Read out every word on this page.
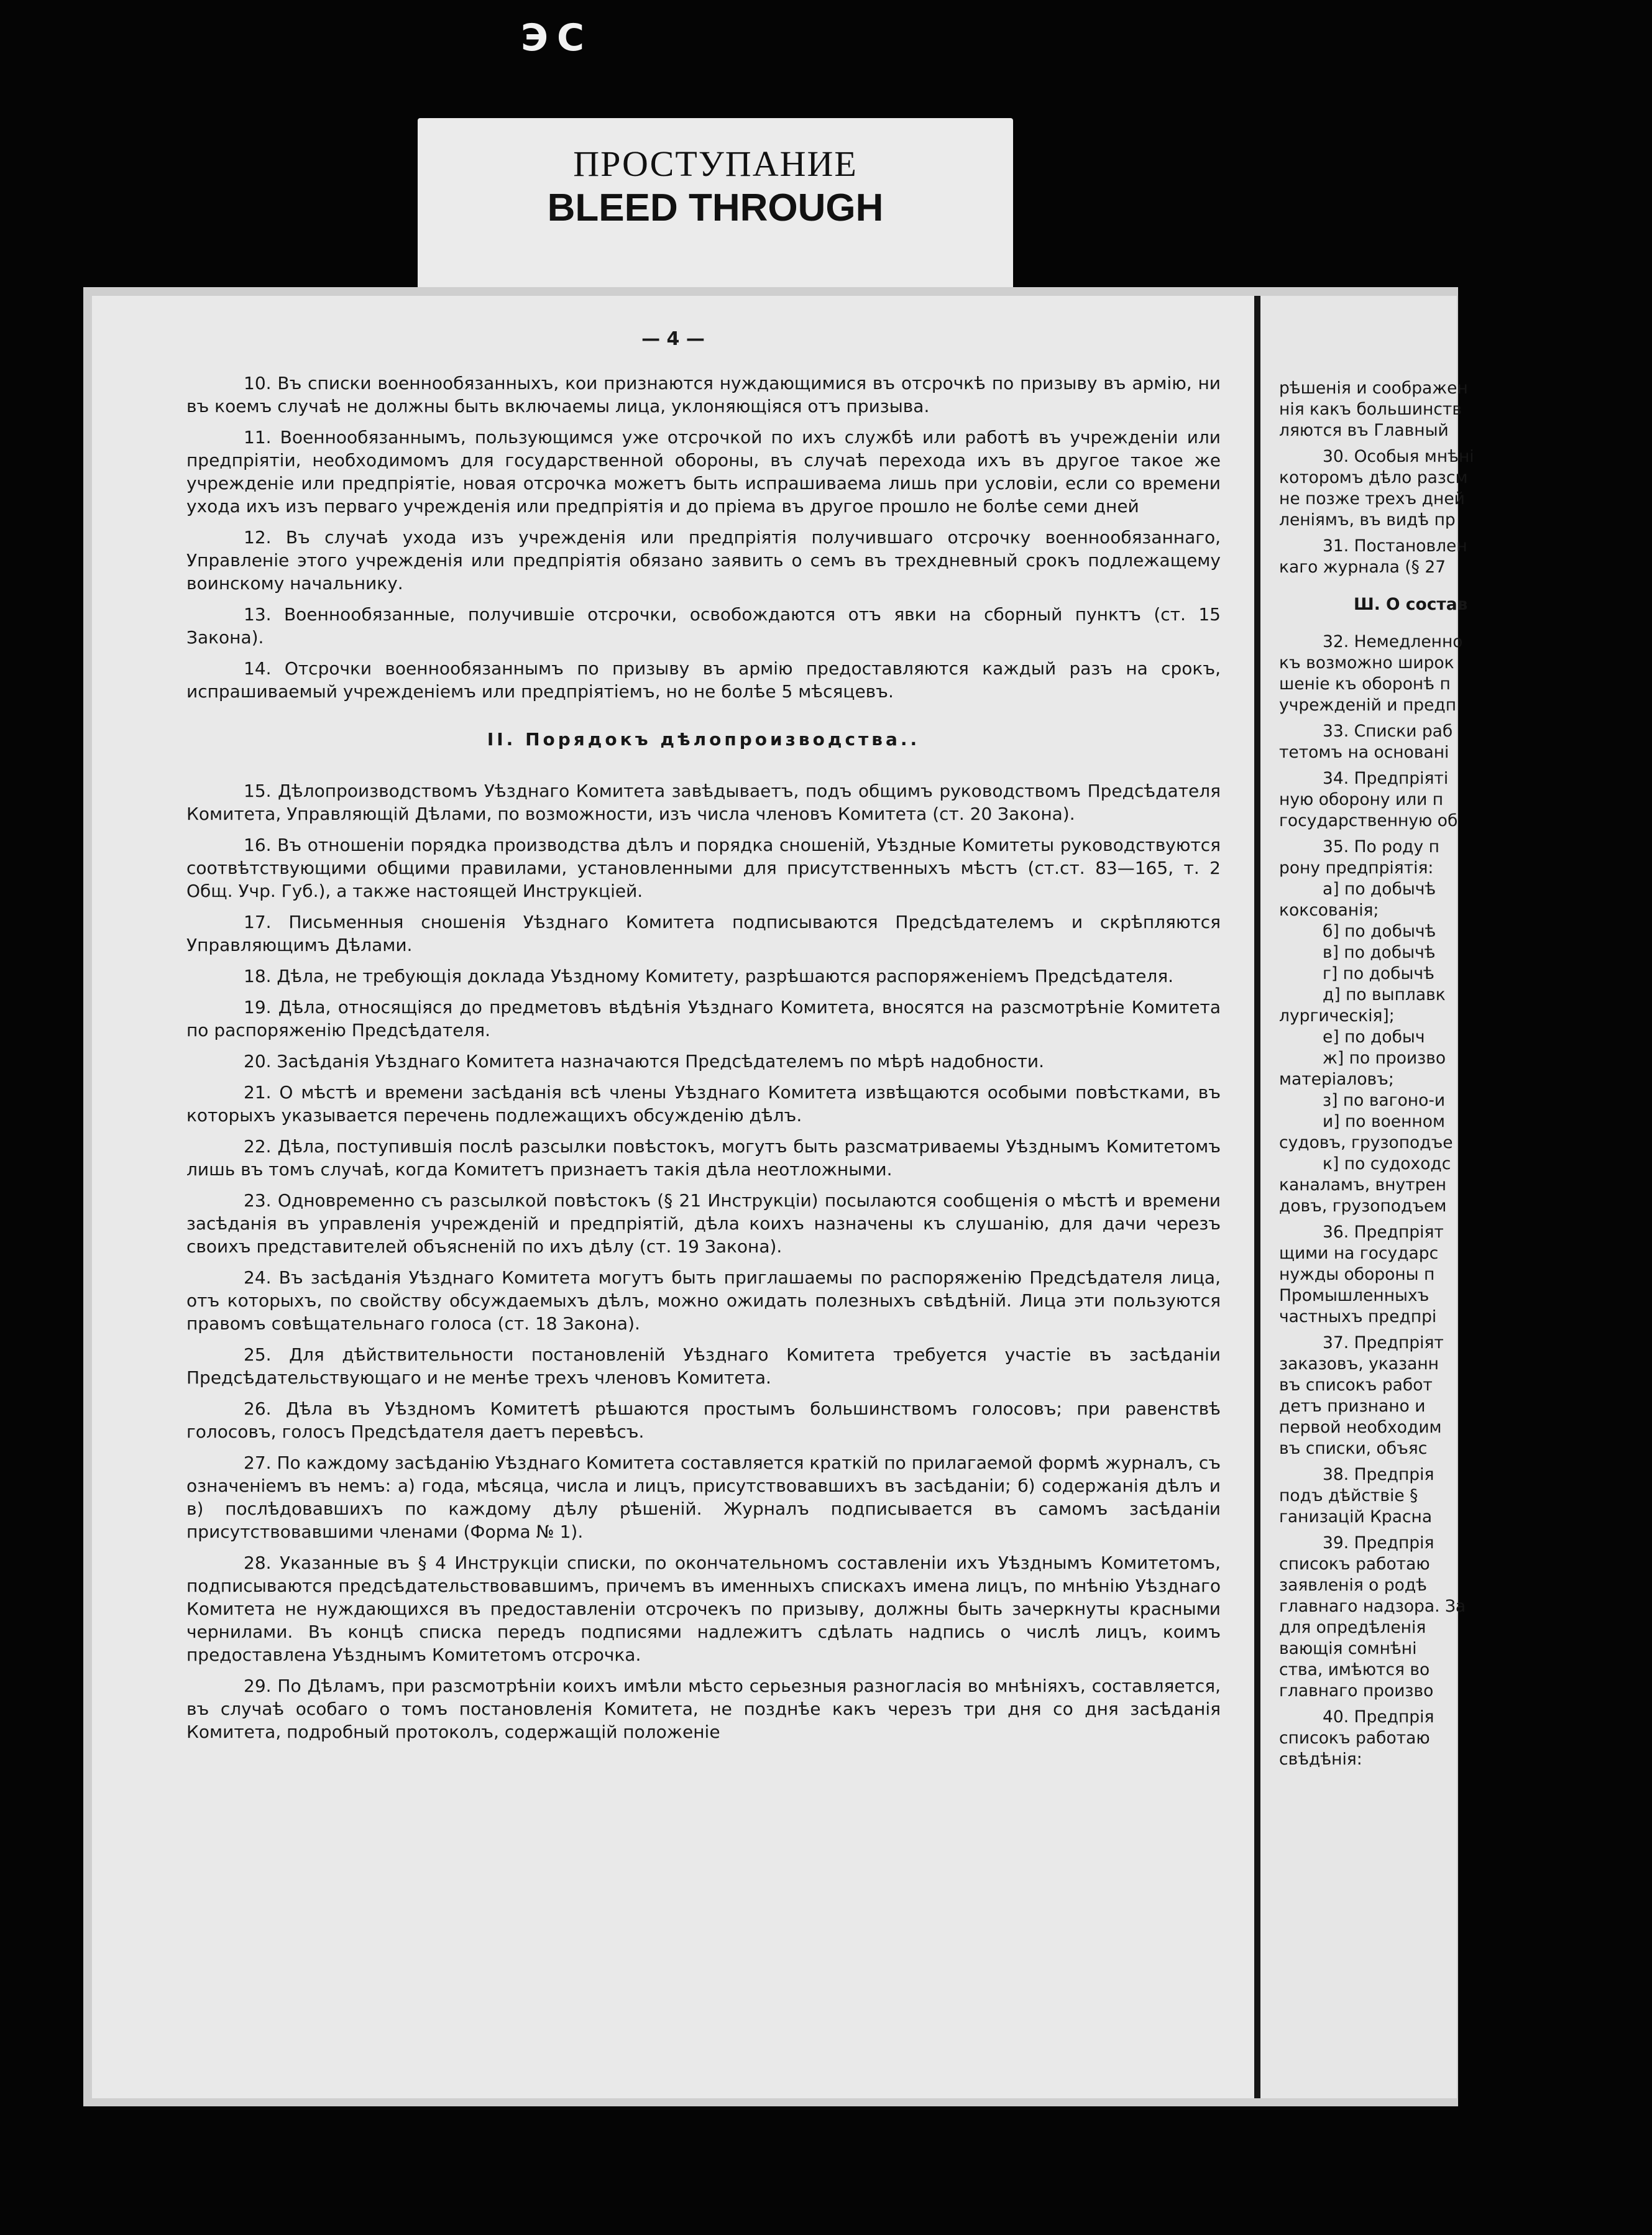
ЭС
ПРОСТУПАНИЕ
BLEED THROUGH

рѣшенія и соображен

нія какъ большинств

ляются въ Главный

30. Особыя мнѣні

которомъ дѣло разсм

не позже трехъ дней

леніямъ, въ видѣ пр

31. Постановлен

каго журнала (§ 27

Ш. О состав

32. Немедленно

къ возможно широк

шеніе къ оборонѣ п

учрежденій и предп

33. Списки раб

тетомъ на основані

34. Предпріяті

ную оборону или п

государственную об

35. По роду п

рону предпріятія:

а] по добычѣ

коксованія;

б] по добычѣ

в] по добычѣ

г] по добычѣ

д] по выплавк

лургическія];

е] по добыч

ж] по произво

матеріаловъ;

з] по вагоно-и

и] по военном

судовъ, грузоподъе

к] по судоходс

каналамъ, внутрен

довъ, грузоподъем

36. Предпріят

щими на государс

нужды обороны п

Промышленныхъ

частныхъ предпрі

37. Предпріят

заказовъ, указанн

въ списокъ работ

детъ признано и

первой необходим

въ списки, объяс

38. Предпрія

подъ дѣйствіе §

ганизацій Красна

39. Предпрія

списокъ работаю

заявленія о родѣ

главнаго надзора. За

для опредѣленія

вающія сомнѣні

ства, имѣются во

главнаго произво

40. Предпрія

списокъ работаю

свѣдѣнія:

— 4 —

10. Въ списки военнообязанныхъ, кои признаются нуждающимися въ отсрочкѣ по призыву въ армію, ни въ коемъ случаѣ не должны быть включаемы лица, уклоняющіяся отъ призыва.

11. Военнообязаннымъ, пользующимся уже отсрочкой по ихъ службѣ или работѣ въ учрежденіи или предпріятіи, необходимомъ для государственной обороны, въ случаѣ перехода ихъ въ другое такое же учрежденіе или предпріятіе, новая отсрочка можетъ быть испрашиваема лишь при условіи, если со времени ухода ихъ изъ перваго учрежденія или предпріятія и до пріема въ другое прошло не болѣе семи дней

12. Въ случаѣ ухода изъ учрежденія или предпріятія получившаго отсрочку военнообязаннаго, Управленіе этого учрежденія или предпріятія обязано заявить о семъ въ трехдневный срокъ подлежащему воинскому начальнику.

13. Военнообязанные, получившіе отсрочки, освобождаются отъ явки на сборный пунктъ (ст. 15 Закона).

14. Отсрочки военнообязаннымъ по призыву въ армію предоставляются каждый разъ на срокъ, испрашиваемый учрежденіемъ или предпріятіемъ, но не болѣе 5 мѣсяцевъ.

II. Порядокъ дѣлопроизводства..

15. Дѣлопроизводствомъ Уѣзднаго Комитета завѣдываетъ, подъ общимъ руководствомъ Предсѣдателя Комитета, Управляющій Дѣлами, по возможности, изъ числа членовъ Комитета (ст. 20 Закона).

16. Въ отношеніи порядка производства дѣлъ и порядка сношеній, Уѣздные Комитеты руководствуются соотвѣтствующими общими правилами, установленными для присутственныхъ мѣстъ (ст.ст. 83—165, т. 2 Общ. Учр. Губ.), а также настоящей Инструкціей.

17. Письменныя сношенія Уѣзднаго Комитета подписываются Предсѣдателемъ и скрѣпляются Управляющимъ Дѣлами.

18. Дѣла, не требующія доклада Уѣздному Комитету, разрѣшаются распоряженіемъ Предсѣдателя.

19. Дѣла, относящіяся до предметовъ вѣдѣнія Уѣзднаго Комитета, вносятся на разсмотрѣніе Комитета по распоряженію Предсѣдателя.

20. Засѣданія Уѣзднаго Комитета назначаются Предсѣдателемъ по мѣрѣ надобности.

21. О мѣстѣ и времени засѣданія всѣ члены Уѣзднаго Комитета извѣщаются особыми повѣстками, въ которыхъ указывается перечень подлежащихъ обсужденію дѣлъ.

22. Дѣла, поступившія послѣ разсылки повѣстокъ, могутъ быть разсматриваемы Уѣзднымъ Комитетомъ лишь въ томъ случаѣ, когда Комитетъ признаетъ такія дѣла неотложными.

23. Одновременно съ разсылкой повѣстокъ (§ 21 Инструкціи) посылаются сообщенія о мѣстѣ и времени засѣданія въ управленія учрежденій и предпріятій, дѣла коихъ назначены къ слушанію, для дачи черезъ своихъ представителей объясненій по ихъ дѣлу (ст. 19 Закона).

24. Въ засѣданія Уѣзднаго Комитета могутъ быть приглашаемы по распоряженію Предсѣдателя лица, отъ которыхъ, по свойству обсуждаемыхъ дѣлъ, можно ожидать полезныхъ свѣдѣній. Лица эти пользуются правомъ совѣщательнаго голоса (ст. 18 Закона).

25. Для дѣйствительности постановленій Уѣзднаго Комитета требуется участіе въ засѣданіи Предсѣдательствующаго и не менѣе трехъ членовъ Комитета.

26. Дѣла въ Уѣздномъ Комитетѣ рѣшаются простымъ большинствомъ голосовъ; при равенствѣ голосовъ, голосъ Предсѣдателя даетъ перевѣсъ.

27. По каждому засѣданію Уѣзднаго Комитета составляется краткій по прилагаемой формѣ журналъ, съ означеніемъ въ немъ: а) года, мѣсяца, числа и лицъ, присутствовавшихъ въ засѣданіи; б) содержанія дѣлъ и в) послѣдовавшихъ по каждому дѣлу рѣшеній. Журналъ подписывается въ самомъ засѣданіи присутствовавшими членами (Форма № 1).

28. Указанные въ § 4 Инструкціи списки, по окончательномъ составленіи ихъ Уѣзднымъ Комитетомъ, подписываются предсѣдательствовавшимъ, причемъ въ именныхъ спискахъ имена лицъ, по мнѣнію Уѣзднаго Комитета не нуждающихся въ предоставленіи отсрочекъ по призыву, должны быть зачеркнуты красными чернилами. Въ концѣ списка передъ подписями надлежитъ сдѣлать надпись о числѣ лицъ, коимъ предоставлена Уѣзднымъ Комитетомъ отсрочка.

29. По Дѣламъ, при разсмотрѣніи коихъ имѣли мѣсто серьезныя разногласія во мнѣніяхъ, составляется, въ случаѣ особаго о томъ постановленія Комитета, не позднѣе какъ черезъ три дня со дня засѣданія Комитета, подробный протоколъ, содержащій положеніе
